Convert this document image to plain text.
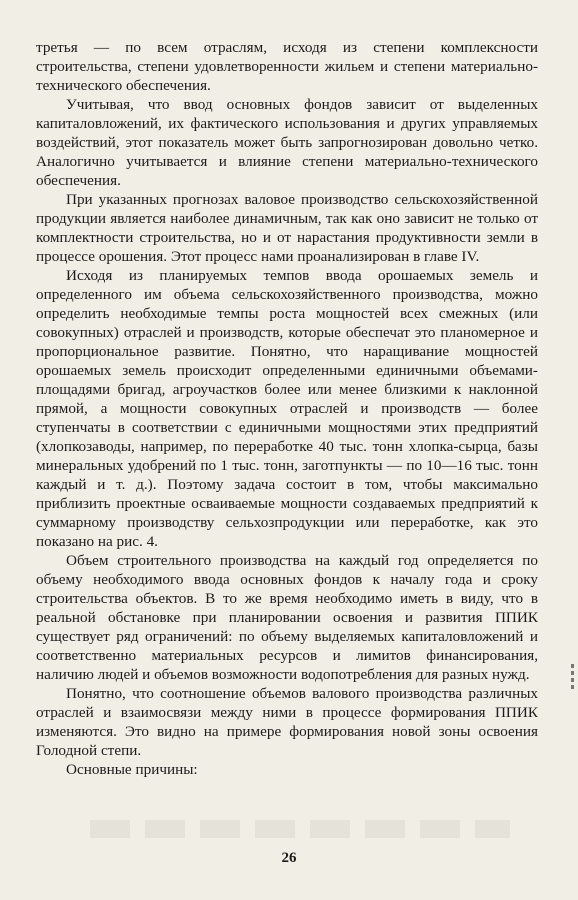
третья — по всем отраслям, исходя из степени комплексности строительства, степени удовлетворенности жильем и степени материально-технического обеспечения.

Учитывая, что ввод основных фондов зависит от выделенных капиталовложений, их фактического использования и других управляемых воздействий, этот показатель может быть запрогнозирован довольно четко. Аналогично учитывается и влияние степени материально-технического обеспечения.

При указанных прогнозах валовое производство сельскохозяйственной продукции является наиболее динамичным, так как оно зависит не только от комплектности строительства, но и от нарастания продуктивности земли в процессе орошения. Этот процесс нами проанализирован в главе IV.

Исходя из планируемых темпов ввода орошаемых земель и определенного им объема сельскохозяйственного производства, можно определить необходимые темпы роста мощностей всех смежных (или совокупных) отраслей и производств, которые обеспечат это планомерное и пропорциональное развитие. Понятно, что наращивание мощностей орошаемых земель происходит определенными единичными объемами-площадями бригад, агроучастков более или менее близкими к наклонной прямой, а мощности совокупных отраслей и производств — более ступенчаты в соответствии с единичными мощностями этих предприятий (хлопкозаводы, например, по переработке 40 тыс. тонн хлопка-сырца, базы минеральных удобрений по 1 тыс. тонн, заготпункты — по 10—16 тыс. тонн каждый и т. д.). Поэтому задача состоит в том, чтобы максимально приблизить проектные осваиваемые мощности создаваемых предприятий к суммарному производству сельхозпродукции или переработке, как это показано на рис. 4.

Объем строительного производства на каждый год определяется по объему необходимого ввода основных фондов к началу года и сроку строительства объектов. В то же время необходимо иметь в виду, что в реальной обстановке при планировании освоения и развития ППИК существует ряд ограничений: по объему выделяемых капиталовложений и соответственно материальных ресурсов и лимитов финансирования, наличию людей и объемов возможности водопотребления для разных нужд.

Понятно, что соотношение объемов валового производства различных отраслей и взаимосвязи между ними в процессе формирования ППИК изменяются. Это видно на примере формирования новой зоны освоения Голодной степи.

Основные причины:

26
